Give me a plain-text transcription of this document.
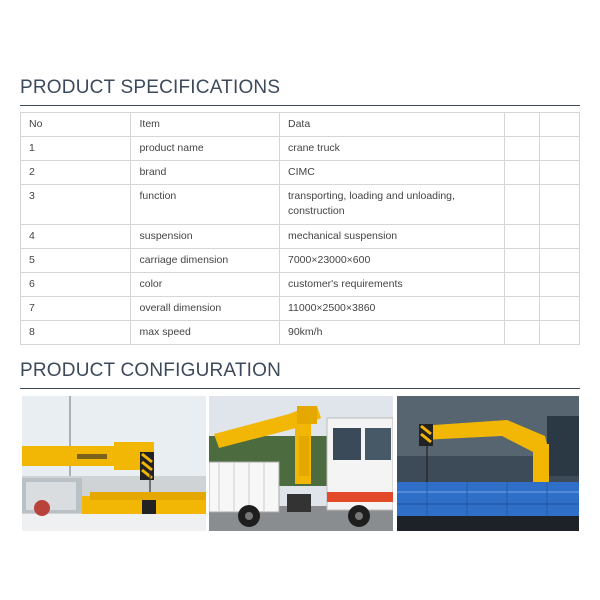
PRODUCT SPECIFICATIONS
No	Item	Data		
1	product name	crane truck		
2	brand	CIMC		
3	function	transporting, loading and unloading, construction		
4	suspension	mechanical suspension		
5	carriage dimension	7000×23000×600		
6	color	customer's requirements		
7	overall dimension	11000×2500×3860		
8	max speed	90km/h		
PRODUCT CONFIGURATION
